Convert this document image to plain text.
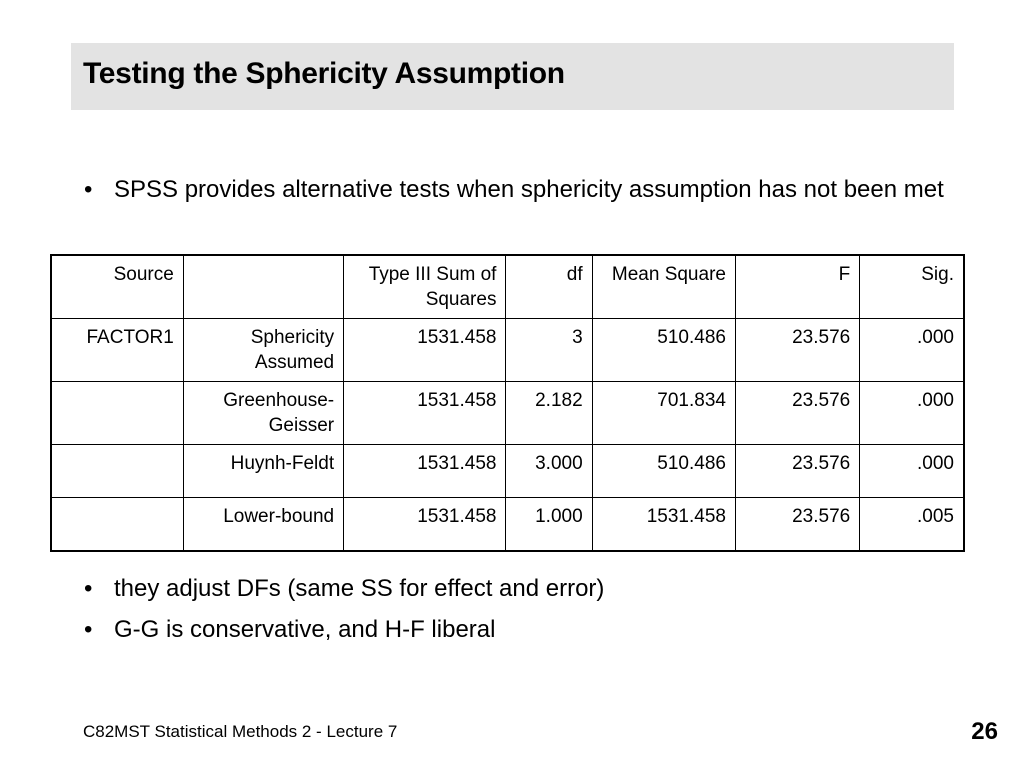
Testing the Sphericity Assumption
• SPSS provides alternative tests when sphericity assumption has not been met
Source		Type III Sum of Squares	df	Mean Square	F	Sig.
FACTOR1	Sphericity Assumed	1531.458	3	510.486	23.576	.000
	Greenhouse-Geisser	1531.458	2.182	701.834	23.576	.000
	Huynh-Feldt	1531.458	3.000	510.486	23.576	.000
	Lower-bound	1531.458	1.000	1531.458	23.576	.005
• they adjust DFs (same SS for effect and error)
• G-G is conservative, and H-F liberal
C82MST Statistical Methods 2 - Lecture 7	26
